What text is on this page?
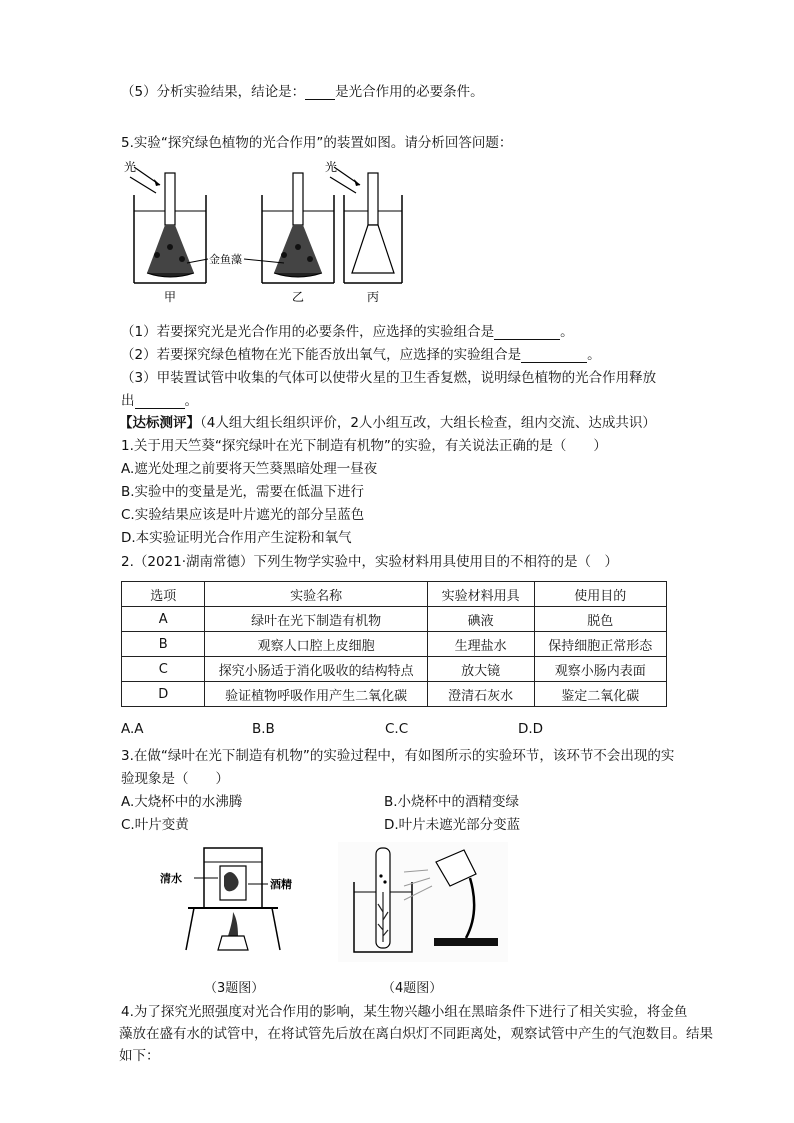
（5）分析实验结果，结论是： 是光合作用的必要条件。
5.实验“探究绿色植物的光合作用”的装置如图。请分析回答问题：
光	光
金鱼藻
甲	乙	丙
（1）若要探究光是光合作用的必要条件，应选择的实验组合是	。
（2）若要探究绿色植物在光下能否放出氧气，应选择的实验组合是	。
（3）甲装置试管中收集的气体可以使带火星的卫生香复燃，说明绿色植物的光合作用释放
出	。
【达标测评】（4人组大组长组织评价，2人小组互改，大组长检查，组内交流、达成共识）
1.关于用天竺葵“探究绿叶在光下制造有机物”的实验，有关说法正确的是（　　）
A.遮光处理之前要将天竺葵黑暗处理一昼夜
B.实验中的变量是光，需要在低温下进行
C.实验结果应该是叶片遮光的部分呈蓝色
D.本实验证明光合作用产生淀粉和氧气
2.（2021·湖南常德）下列生物学实验中，实验材料用具使用目的不相符的是（　）
选项	实验名称	实验材料用具	使用目的
A	绿叶在光下制造有机物	碘液	脱色
B	观察人口腔上皮细胞	生理盐水	保持细胞正常形态
C	探究小肠适于消化吸收的结构特点	放大镜	观察小肠内表面
D	验证植物呼吸作用产生二氧化碳	澄清石灰水	鉴定二氧化碳
A.A	B.B	C.C	D.D
3.在做“绿叶在光下制造有机物”的实验过程中，有如图所示的实验环节，该环节不会出现的实
验现象是（　　）
A.大烧杯中的水沸腾	B.小烧杯中的酒精变绿
C.叶片变黄	D.叶片未遮光部分变蓝
清水	酒精
（3题图）	（4题图）
4.为了探究光照强度对光合作用的影响，某生物兴趣小组在黑暗条件下进行了相关实验，将金鱼
藻放在盛有水的试管中，在将试管先后放在离白炽灯不同距离处，观察试管中产生的气泡数目。结果
如下：
